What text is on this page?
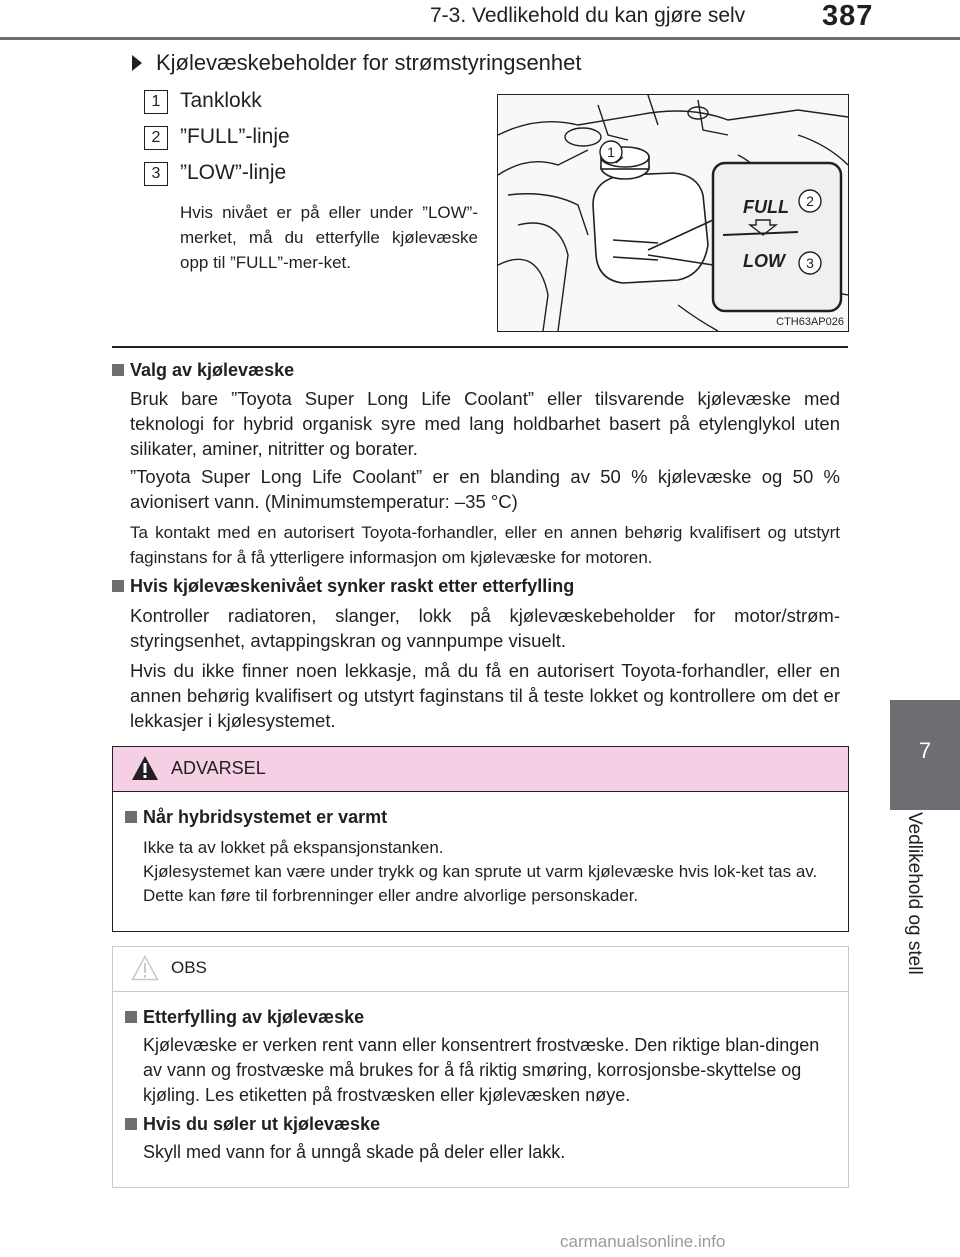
7-3. Vedlikehold du kan gjøre selv	387
7
Vedlikehold og stell
Kjølevæskebeholder for strømstyringsenhet
1 Tanklokk
2 ”FULL”-linje
3 ”LOW”-linje
Hvis nivået er på eller under ”LOW”-merket, må du etterfylle kjølevæske opp til ”FULL”-mer-ket.
1
FULL
LOW
2
3
CTH63AP026
Valg av kjølevæske
Bruk bare ”Toyota Super Long Life Coolant” eller tilsvarende kjølevæske med teknologi for hybrid organisk syre med lang holdbarhet basert på etylenglykol uten silikater, aminer, nitritter og borater.
”Toyota Super Long Life Coolant” er en blanding av 50 % kjølevæske og 50 % avionisert vann. (Minimumstemperatur: –35 °C)
Ta kontakt med en autorisert Toyota-forhandler, eller en annen behørig kvalifisert og utstyrt faginstans for å få ytterligere informasjon om kjølevæske for motoren.
Hvis kjølevæskenivået synker raskt etter etterfylling
Kontroller radiatoren, slanger, lokk på kjølevæskebeholder for motor/strøm-styringsenhet, avtappingskran og vannpumpe visuelt.
Hvis du ikke finner noen lekkasje, må du få en autorisert Toyota-forhandler, eller en annen behørig kvalifisert og utstyrt faginstans til å teste lokket og kontrollere om det er lekkasjer i kjølesystemet.
ADVARSEL
Når hybridsystemet er varmt
Ikke ta av lokket på ekspansjonstanken.
Kjølesystemet kan være under trykk og kan sprute ut varm kjølevæske hvis lok-ket tas av. Dette kan føre til forbrenninger eller andre alvorlige personskader.
OBS
Etterfylling av kjølevæske
Kjølevæske er verken rent vann eller konsentrert frostvæske. Den riktige blan-dingen av vann og frostvæske må brukes for å få riktig smøring, korrosjonsbe-skyttelse og kjøling. Les etiketten på frostvæsken eller kjølevæsken nøye.
Hvis du søler ut kjølevæske
Skyll med vann for å unngå skade på deler eller lakk.
carmanualsonline.info
